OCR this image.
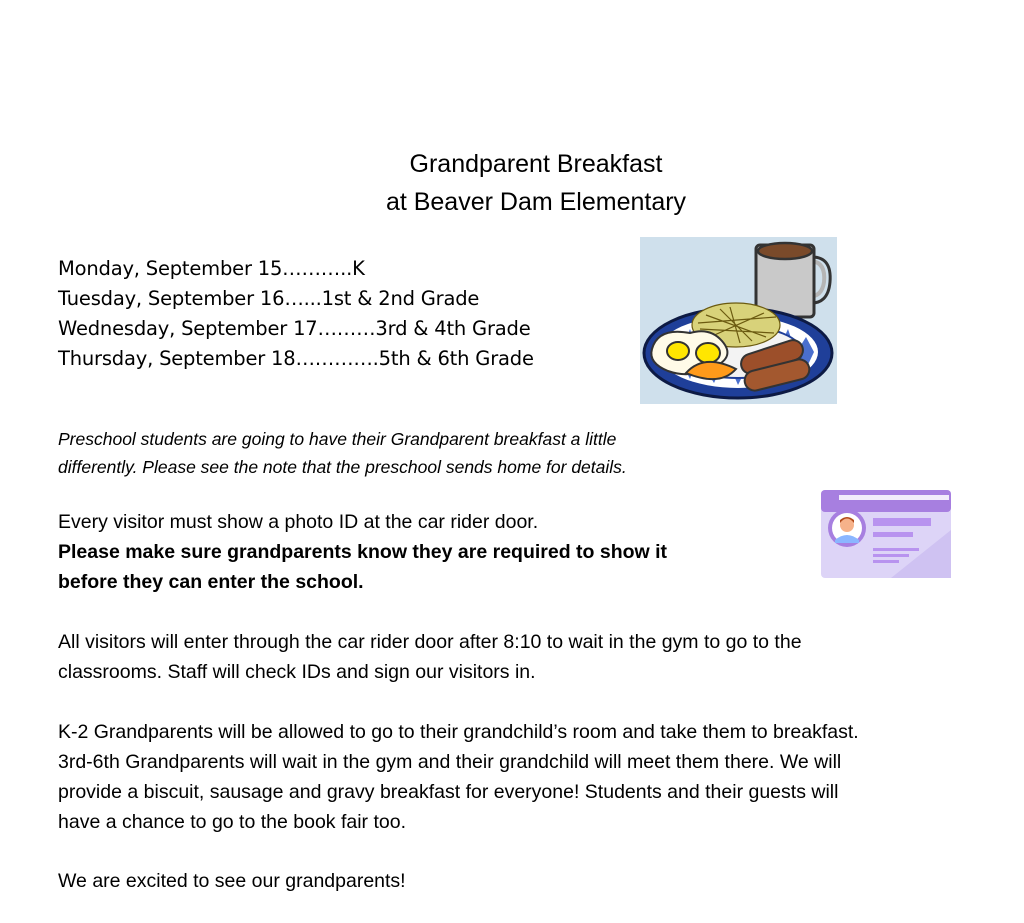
Grandparent Breakfast
at Beaver Dam Elementary
Monday, September 15………..K
Tuesday, September 16…...1st & 2nd Grade
Wednesday, September 17………3rd & 4th Grade
Thursday, September 18………….5th & 6th Grade
Preschool students are going to have their Grandparent breakfast a little
differently. Please see the note that the preschool sends home for details.
Every visitor must show a photo ID at the car rider door.
Please make sure grandparents know they are required to show it
before they can enter the school.
All visitors will enter through the car rider door after 8:10 to wait in the gym to go to the
classrooms. Staff will check IDs and sign our visitors in.
K-2 Grandparents will be allowed to go to their grandchild’s room and take them to breakfast.
3rd-6th Grandparents will wait in the gym and their grandchild will meet them there. We will
provide a biscuit, sausage and gravy breakfast for everyone! Students and their guests will
have a chance to go to the book fair too.
We are excited to see our grandparents!
